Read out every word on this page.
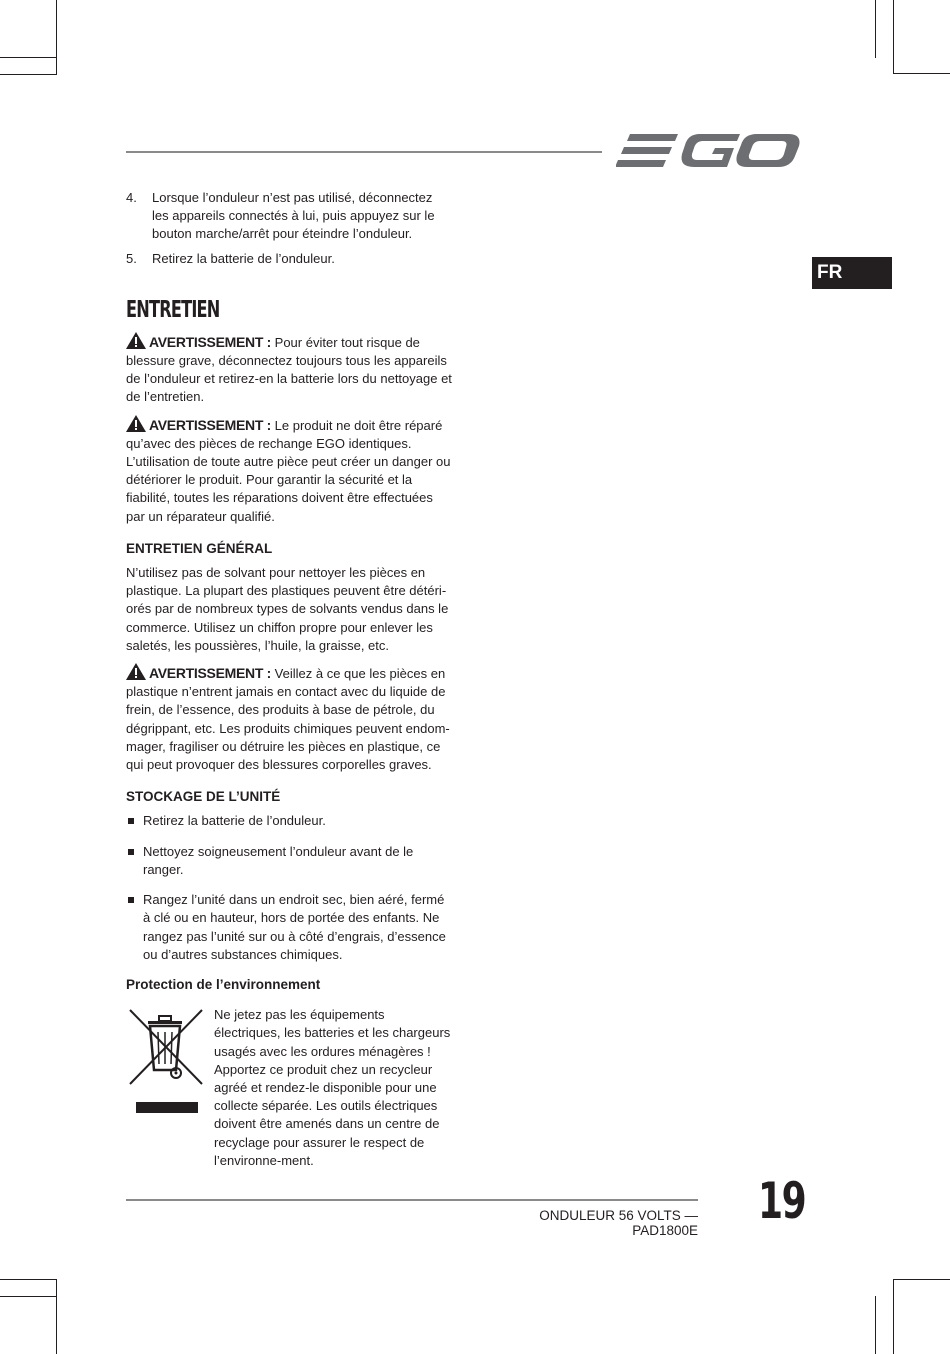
FR
4.	Lorsque l’onduleur n’est pas utilisé, déconnectez les appareils connectés à lui, puis appuyez sur le bouton marche/arrêt pour éteindre l’onduleur.
5.	Retirez la batterie de l’onduleur.
ENTRETIEN

AVERTISSEMENT : Pour éviter tout risque de blessure grave, déconnectez toujours tous les appareils de l’onduleur et retirez-en la batterie lors du nettoyage et de l’entretien.

AVERTISSEMENT : Le produit ne doit être réparé qu’avec des pièces de rechange EGO identiques. L’utilisation de toute autre pièce peut créer un danger ou détériorer le produit. Pour garantir la sécurité et la fiabilité, toutes les réparations doivent être effectuées par un réparateur qualifié.

ENTRETIEN GÉNÉRAL

N’utilisez pas de solvant pour nettoyer les pièces en plastique. La plupart des plastiques peuvent être détéri-orés par de nombreux types de solvants vendus dans le commerce. Utilisez un chiffon propre pour enlever les saletés, les poussières, l’huile, la graisse, etc.

AVERTISSEMENT : Veillez à ce que les pièces en plastique n’entrent jamais en contact avec du liquide de frein, de l’essence, des produits à base de pétrole, du dégrippant, etc. Les produits chimiques peuvent endom-mager, fragiliser ou détruire les pièces en plastique, ce qui peut provoquer des blessures corporelles graves.

STOCKAGE DE L’UNITÉ
Retirez la batterie de l’onduleur.
Nettoyez soigneusement l’onduleur avant de le ranger.
Rangez l’unité dans un endroit sec, bien aéré, fermé à clé ou en hauteur, hors de portée des enfants. Ne rangez pas l’unité sur ou à côté d’engrais, d’essence ou d’autres substances chimiques.
Protection de l’environnement
Ne jetez pas les équipements électriques, les batteries et les chargeurs usagés avec les ordures ménagères ! Apportez ce produit chez un recycleur agréé et rendez-le disponible pour une collecte séparée. Les outils électriques doivent être amenés dans un centre de recyclage pour assurer le respect de l’environne-ment.
ONDULEUR 56 VOLTS — PAD1800E
19
